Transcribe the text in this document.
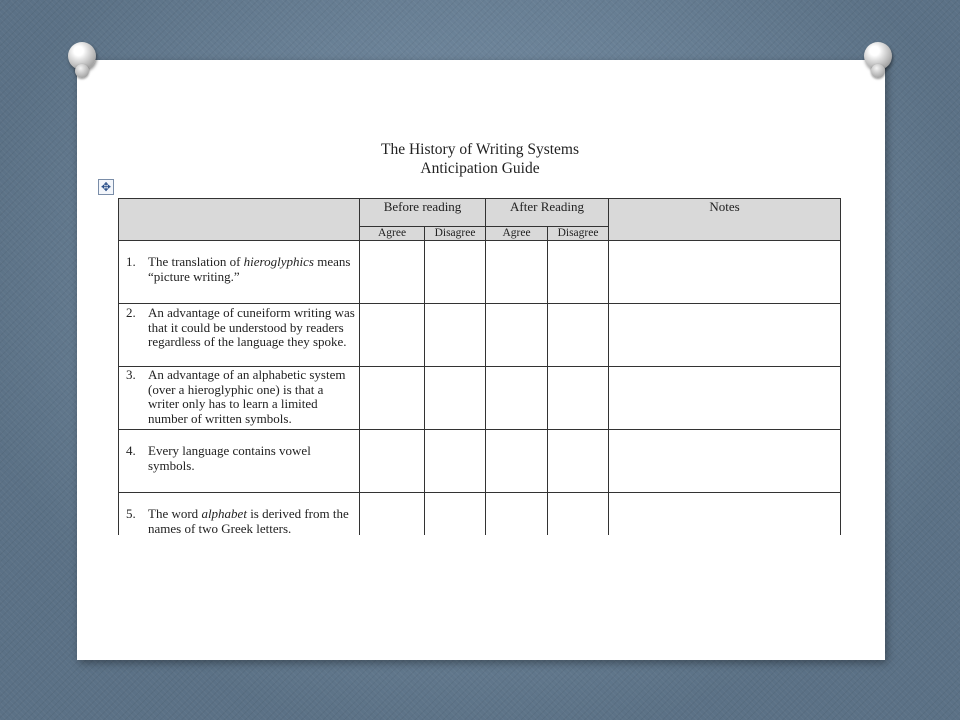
The History of Writing Systems
Anticipation Guide
✥
	Before reading		After Reading		Notes
	Agree	Disagree	Agree	Disagree	

1. The translation of hieroglyphics means “picture writing.”					

2. An advantage of cuneiform writing was that it could be understood by readers regardless of the language they spoke.					

3. An advantage of an alphabetic system (over a hieroglyphic one) is that a writer only has to learn a limited number of written symbols.					

4. Every language contains vowel symbols.					

5. The word alphabet is derived from the names of two Greek letters.					
